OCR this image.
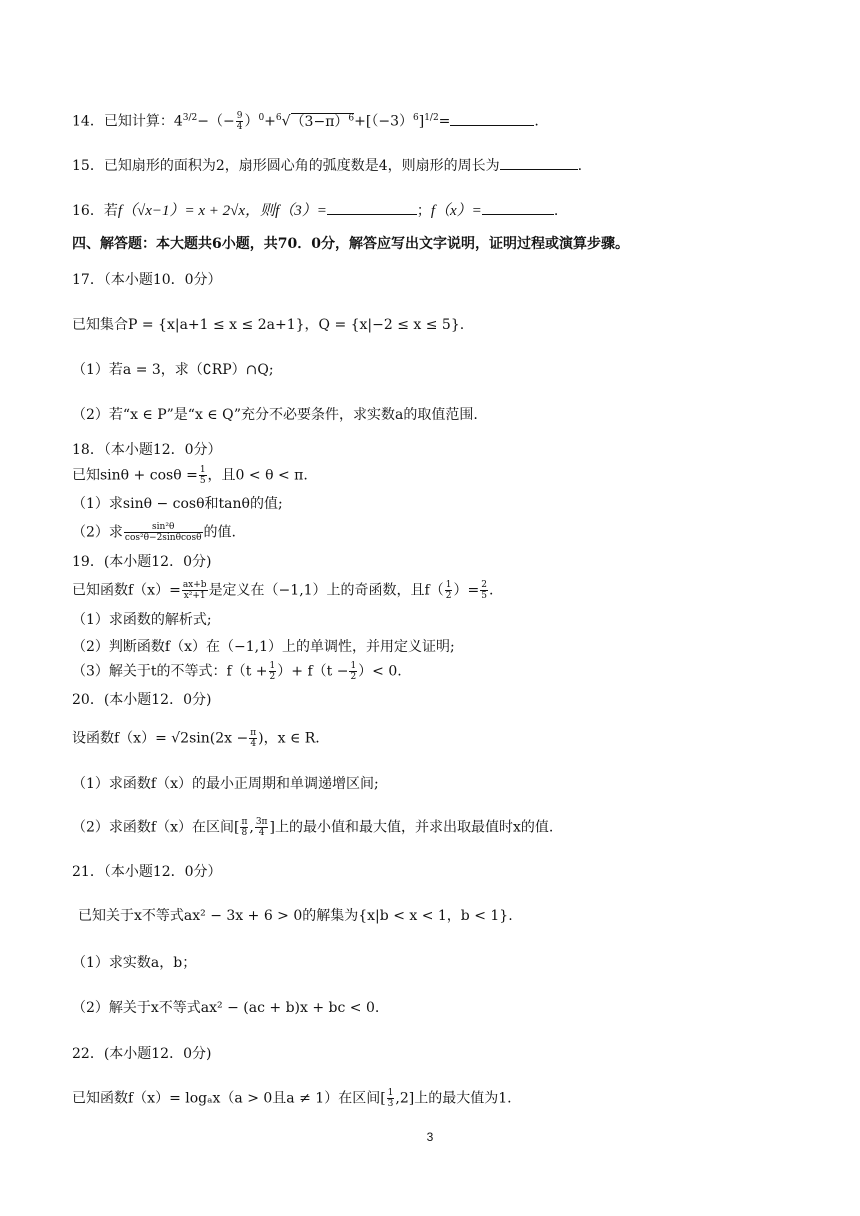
14．已知计算：$4^{3/2}-(- \frac{9}{4} )^0+^6√(3-\pi)^6+[(-3)^6]^{1/2}=$	.
15．已知扇形的面积为2，扇形圆心角的弧度数是4，则扇形的周长为	.
16．若f（√x−1）= x + 2√x，则f（3）=	；f（x）=	.
四、解答题：本大题共6小题，共70．0分，解答应写出文字说明，证明过程或演算步骤。
17．（本小题10．0分）
已知集合P = {x|a+1 ≤ x ≤ 2a+1}，Q = {x|−2 ≤ x ≤ 5}.
（1）若a = 3，求（∁RP）∩Q;
（2）若“x ∈ P”是“x ∈ Q”充分不必要条件，求实数a的取值范围.
18．（本小题12．0分）
已知$\sin\theta + \cos\theta = \frac{1}{5}$ ，且0 < θ < π.
（1）求sinθ − cosθ和tanθ的值;
（2）求 $\frac{\text{sin²θ}}{\text{cos²θ−2sinθcosθ}}$ 的值.
19．(本小题12．0分)
已知函数$f(x)= \frac{ax+b}{\text{x²+1}}$ 是定义在（−1,1）上的奇函数，且$f( \frac{1}{2}$ ）= $\frac{2}{5}$ .
（1）求函数的解析式;
（2）判断函数f（x）在（−1,1）上的单调性，并用定义证明;
（3）解关于t的不等式：$f(t + \frac{1}{2}$ ）+ $f(t - \frac{1}{2}$ ）< 0.
20．(本小题12．0分)
设函数$f(x)= √2\sin(2x - \frac{\pi}{4}$ )，x ∈ R.
（1）求函数f（x）的最小正周期和单调递增区间;
（2）求函数f（x）在区间[ $\frac{\pi}{8}$ , $\frac{3\pi}{4}$ ]上的最小值和最大值，并求出取最值时x的值.
21．（本小题12．0分）
已知关于x不等式ax² − 3x + 6 > 0的解集为{x|b < x < 1，b < 1}.
（1）求实数a，b；
（2）解关于x不等式ax² − (ac + b)x + bc < 0.
22．(本小题12．0分)
已知函数f（x）= logₐx（a > 0且a ≠ 1）在区间[ $\frac{1}{3} ,2$]上的最大值为1.
3
